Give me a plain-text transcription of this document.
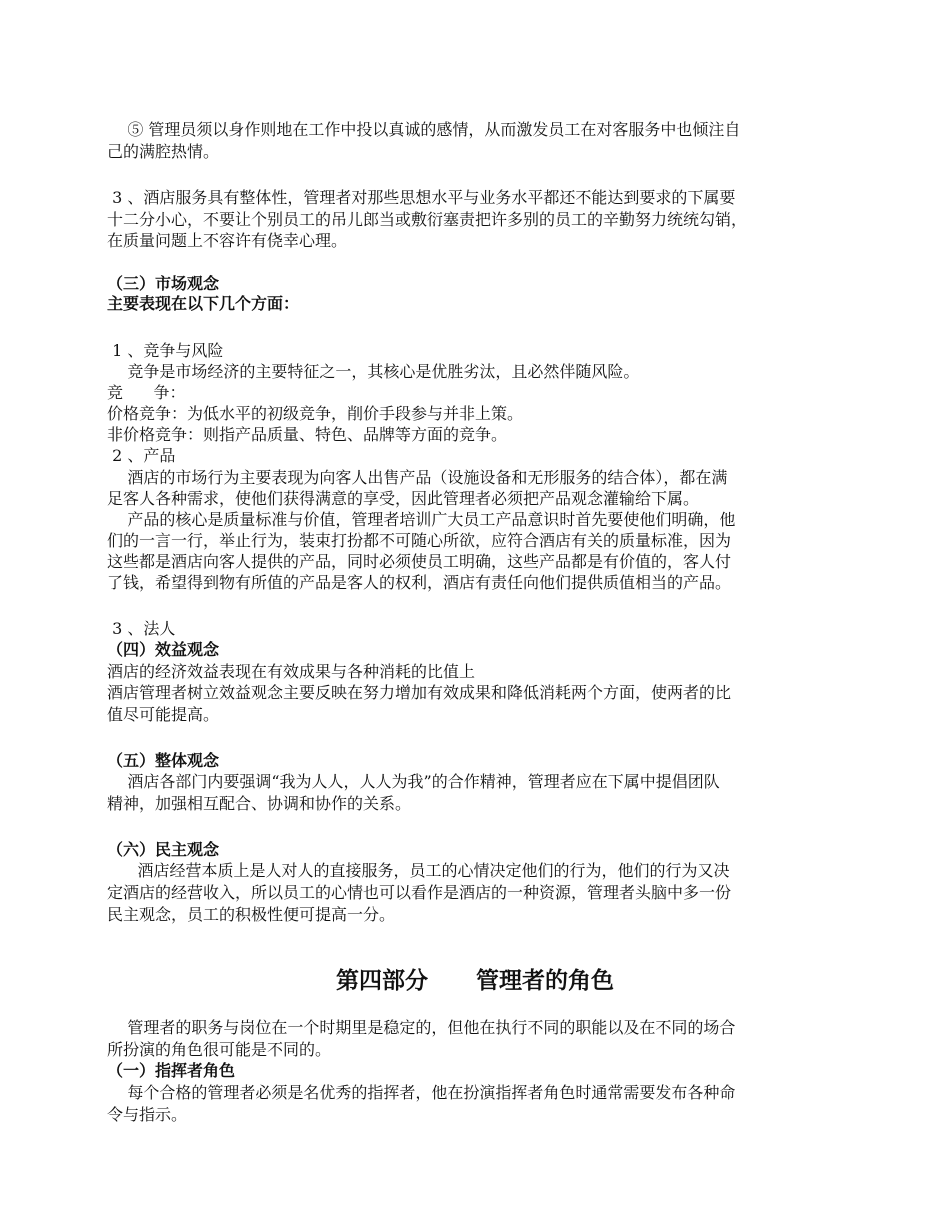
⑤ 管理员须以身作则地在工作中投以真诚的感情，从而激发员工在对客服务中也倾注自

己的满腔热情。

3 、酒店服务具有整体性，管理者对那些思想水平与业务水平都还不能达到要求的下属要

十二分小心，不要让个别员工的吊儿郎当或敷衍塞责把许多别的员工的辛勤努力统统勾销，

在质量问题上不容许有侥幸心理。

（三）市场观念

主要表现在以下几个方面：

1 、竞争与风险

竞争是市场经济的主要特征之一，其核心是优胜劣汰，且必然伴随风险。

竞      争：

价格竞争：为低水平的初级竞争，削价手段参与并非上策。

非价格竞争：则指产品质量、特色、品牌等方面的竞争。

2 、产品

酒店的市场行为主要表现为向客人出售产品（设施设备和无形服务的结合体），都在满

足客人各种需求，使他们获得满意的享受，因此管理者必须把产品观念灌输给下属。

产品的核心是质量标准与价值，管理者培训广大员工产品意识时首先要使他们明确，他

们的一言一行，举止行为，装束打扮都不可随心所欲，应符合酒店有关的质量标准，因为

这些都是酒店向客人提供的产品，同时必须使员工明确，这些产品都是有价值的，客人付

了钱，希望得到物有所值的产品是客人的权利，酒店有责任向他们提供质值相当的产品。

3 、法人

（四）效益观念

酒店的经济效益表现在有效成果与各种消耗的比值上

酒店管理者树立效益观念主要反映在努力增加有效成果和降低消耗两个方面，使两者的比

值尽可能提高。

（五）整体观念

酒店各部门内要强调“我为人人，人人为我”的合作精神，管理者应在下属中提倡团队

精神，加强相互配合、协调和协作的关系。

（六）民主观念

酒店经营本质上是人对人的直接服务，员工的心情决定他们的行为，他们的行为又决

定酒店的经营收入，所以员工的心情也可以看作是酒店的一种资源，管理者头脑中多一份

民主观念，员工的积极性便可提高一分。

第四部分      管理者的角色

管理者的职务与岗位在一个时期里是稳定的，但他在执行不同的职能以及在不同的场合

所扮演的角色很可能是不同的。

（一）指挥者角色

每个合格的管理者必须是名优秀的指挥者，他在扮演指挥者角色时通常需要发布各种命

令与指示。
